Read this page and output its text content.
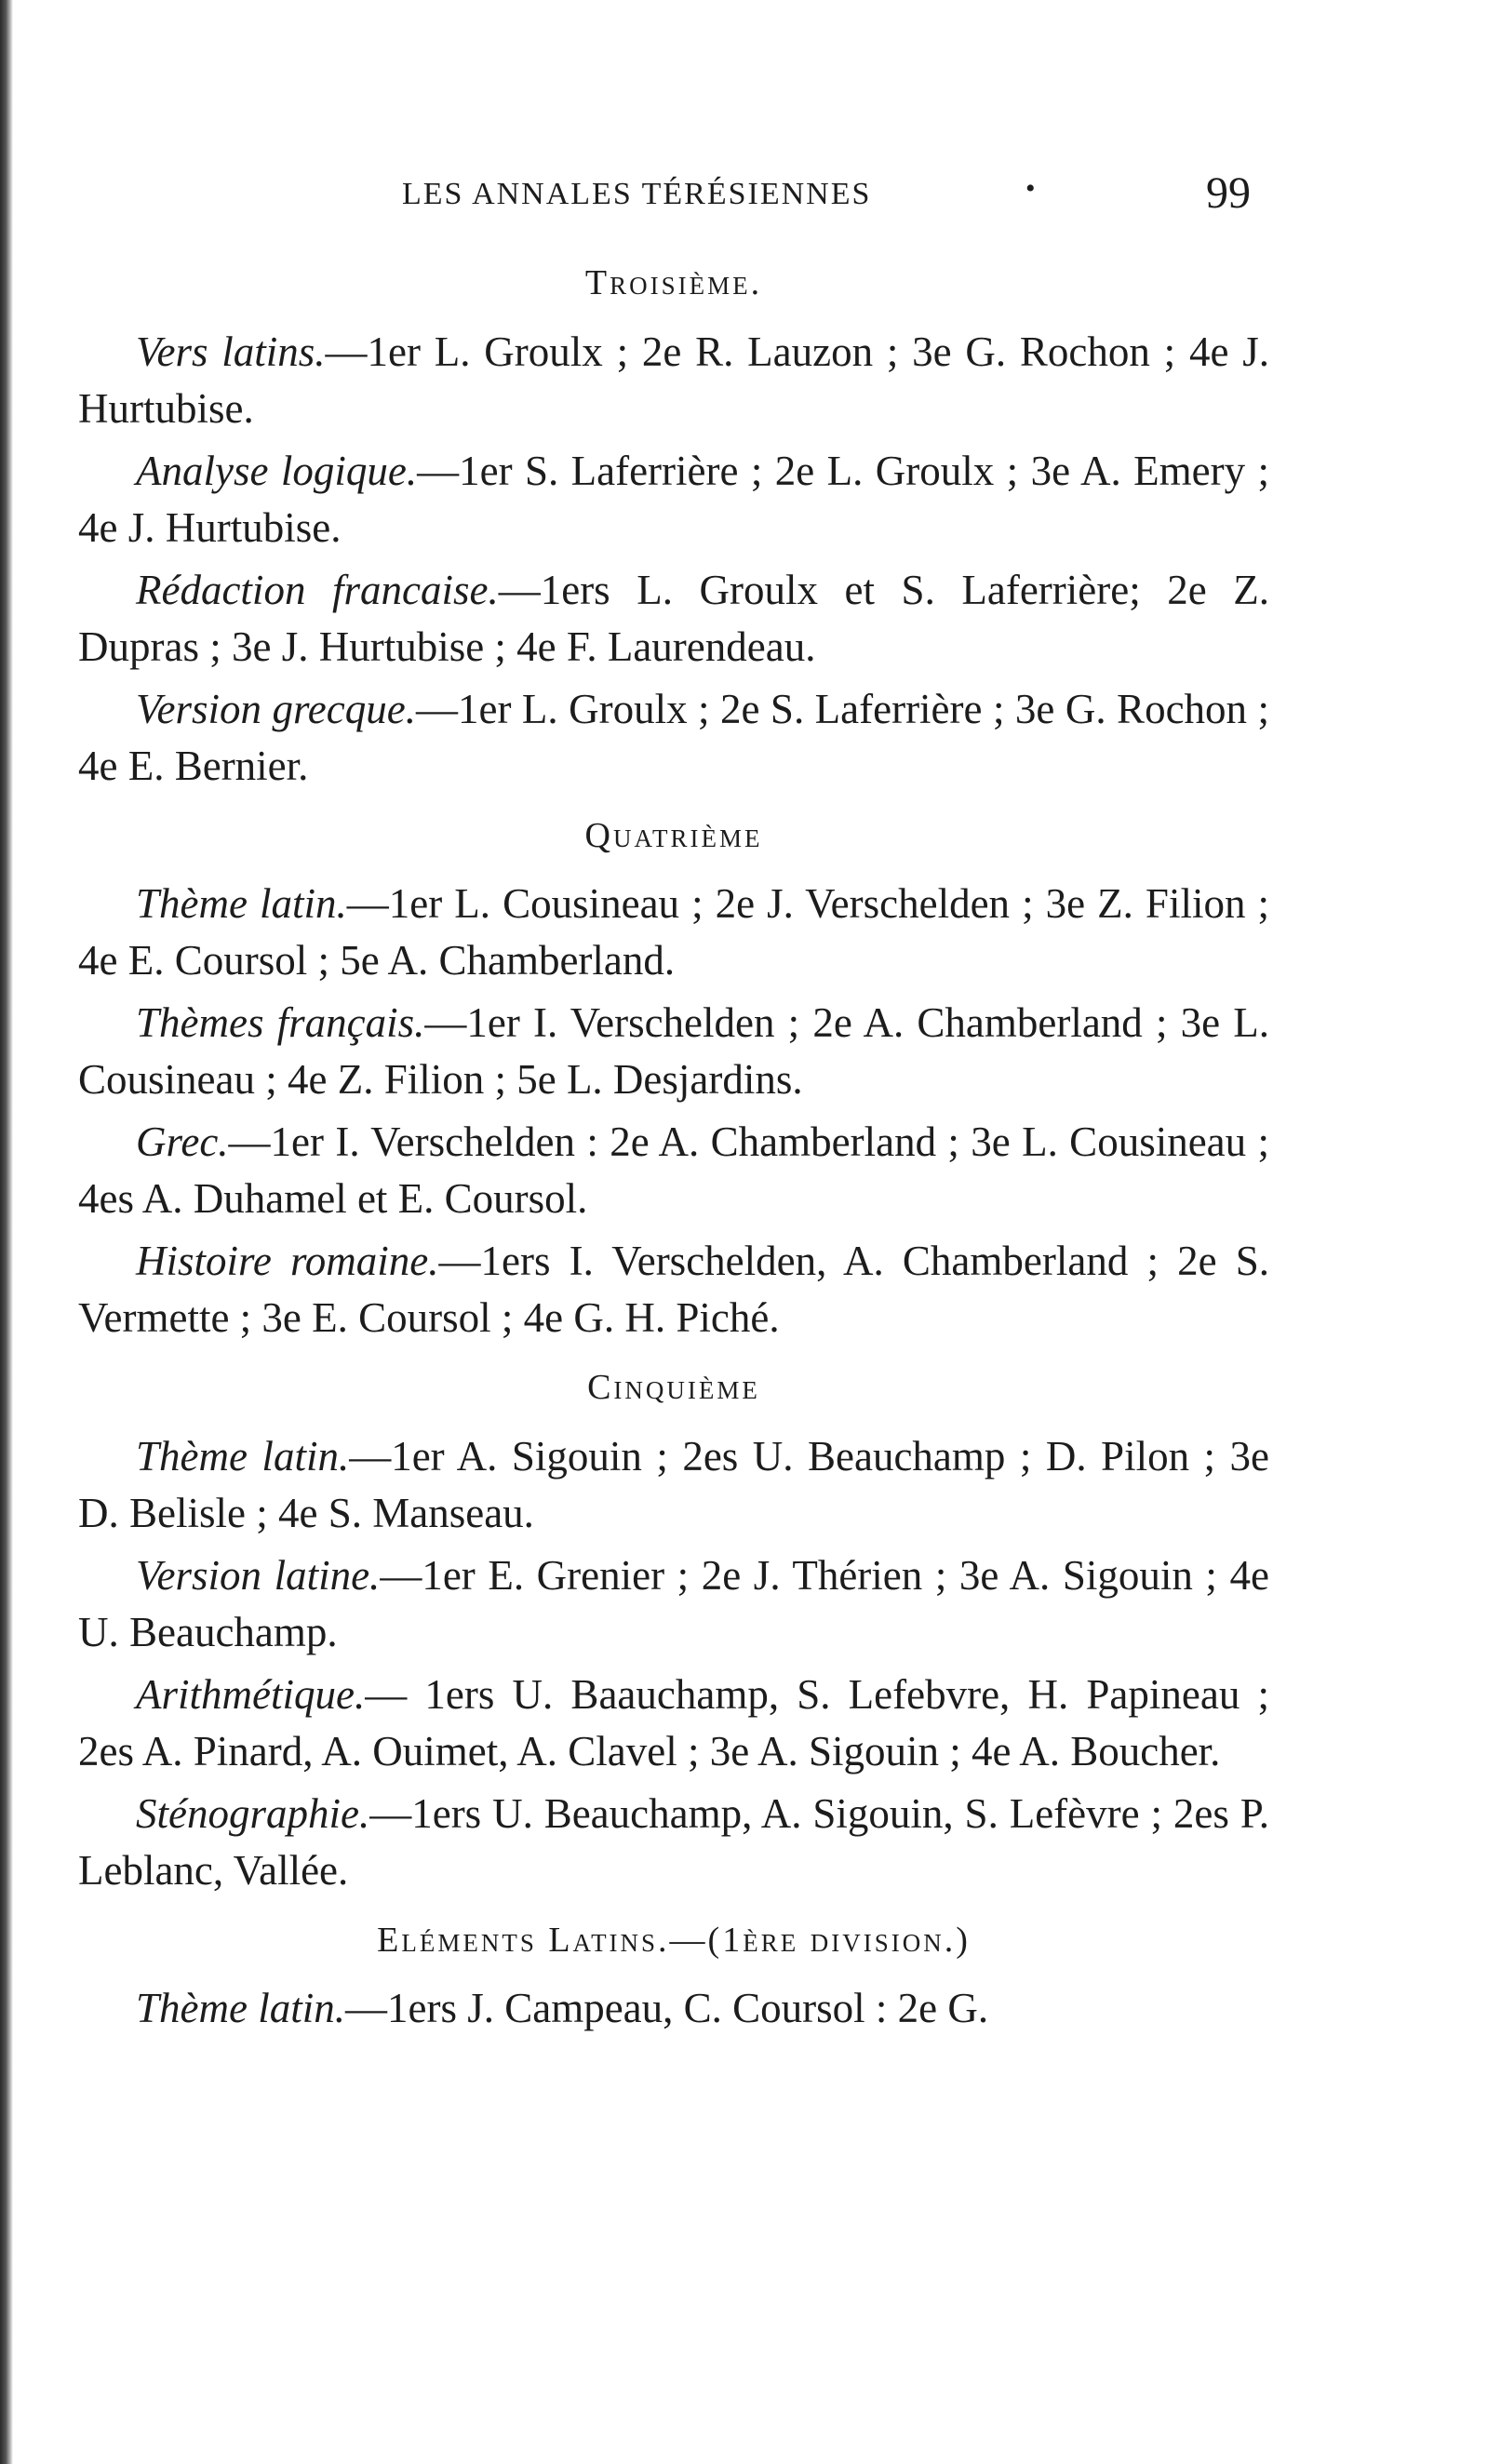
LES ANNALES TÉRÉSIENNES	•	99
Troisième.

Vers latins.—1er L. Groulx ; 2e R. Lauzon ; 3e G. Rochon ; 4e J. Hurtubise.

Analyse logique.—1er S. Laferrière ; 2e L. Groulx ; 3e A. Emery ; 4e J. Hurtubise.

Rédaction francaise.—1ers L. Groulx et S. Laferrière; 2e Z. Dupras ; 3e J. Hurtubise ; 4e F. Laurendeau.

Version grecque.—1er L. Groulx ; 2e S. Laferrière ; 3e G. Rochon ; 4e E. Bernier.

Quatrième

Thème latin.—1er L. Cousineau ; 2e J. Verschelden ; 3e Z. Filion ; 4e E. Coursol ; 5e A. Chamberland.

Thèmes français.—1er I. Verschelden ; 2e A. Chamberland ; 3e L. Cousineau ; 4e Z. Filion ; 5e L. Desjardins.

Grec.—1er I. Verschelden : 2e A. Chamberland ; 3e L. Cousineau ; 4es A. Duhamel et E. Coursol.

Histoire romaine.—1ers I. Verschelden, A. Chamberland ; 2e S. Vermette ; 3e E. Coursol ; 4e G. H. Piché.

Cinquième

Thème latin.—1er A. Sigouin ; 2es U. Beauchamp ; D. Pilon ; 3e D. Belisle ; 4e S. Manseau.

Version latine.—1er E. Grenier ; 2e J. Thérien ; 3e A. Sigouin ; 4e U. Beauchamp.

Arithmétique.— 1ers U. Baauchamp, S. Lefebvre, H. Papineau ; 2es A. Pinard, A. Ouimet, A. Clavel ; 3e A. Sigouin ; 4e A. Boucher.

Sténographie.—1ers U. Beauchamp, A. Sigouin, S. Lefèvre ; 2es P. Leblanc, Vallée.

Eléments Latins.—(1ère division.)

Thème latin.—1ers J. Campeau, C. Coursol : 2e G.
